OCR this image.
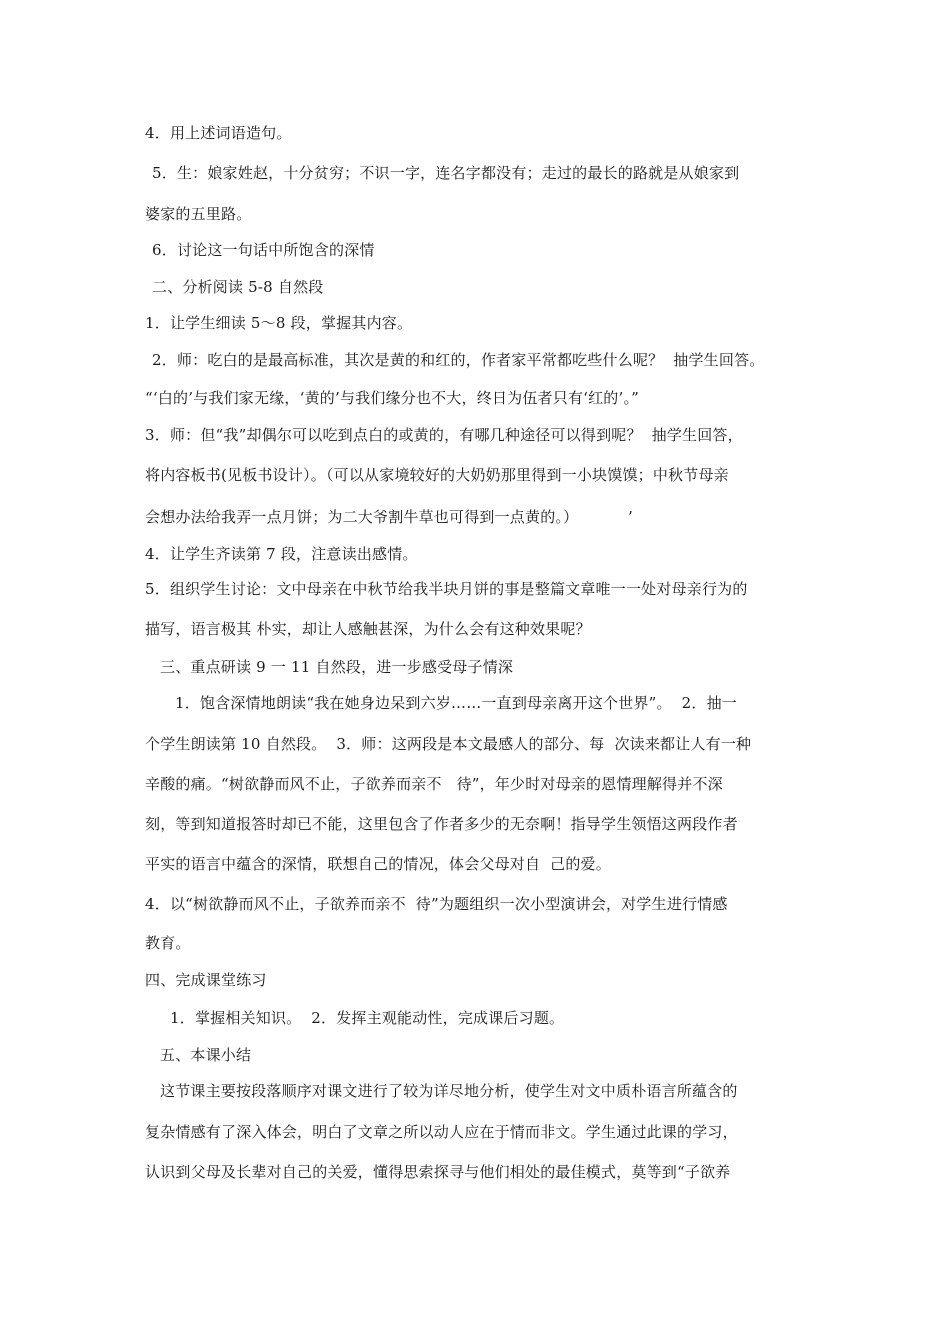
4．用上述词语造句。
5．生：娘家姓赵，十分贫穷；不识一字，连名字都没有；走过的最长的路就是从娘家到
婆家的五里路。
6．讨论这一句话中所饱含的深情
二、分析阅读 5-8 自然段
1．让学生细读 5～8 段，掌握其内容。
2．师：吃白的是最高标准，其次是黄的和红的，作者家平常都吃些什么呢？  抽学生回答。
“‘白的’与我们家无缘，‘黄的’与我们缘分也不大，终日为伍者只有‘红的’。”
3．师：但“我”却偶尔可以吃到点白的或黄的，有哪几种途径可以得到呢？  抽学生回答，
将内容板书(见板书设计）。（可以从家境较好的大奶奶那里得到一小块馍馍；中秋节母亲
会想办法给我弄一点月饼；为二大爷割牛草也可得到一点黄的。）          ’
4．让学生齐读第 7 段，注意读出感情。
5．组织学生讨论：文中母亲在中秋节给我半块月饼的事是整篇文章唯一一处对母亲行为的
描写，语言极其 朴实，却让人感触甚深，为什么会有这种效果呢？
三、重点研读 9 一 11 自然段，进一步感受母子情深
1．饱含深情地朗读“我在她身边呆到六岁……一直到母亲离开这个世界”。  2．抽一
个学生朗读第 10 自然段。  3．师：这两段是本文最感人的部分、每  次读来都让人有一种
辛酸的痛。“树欲静而风不止，子欲养而亲不   待”，年少时对母亲的恩情理解得并不深
刻，等到知道报答时却已不能，这里包含了作者多少的无奈啊！指导学生领悟这两段作者
平实的语言中蕴含的深情，联想自己的情况，体会父母对自  己的爱。
4．以“树欲静而风不止，子欲养而亲不  待”为题组织一次小型演讲会，对学生进行情感
教育。
四、完成课堂练习
1．掌握相关知识。  2．发挥主观能动性，完成课后习题。
五、本课小结
这节课主要按段落顺序对课文进行了较为详尽地分析，使学生对文中质朴语言所蕴含的
复杂情感有了深入体会，明白了文章之所以动人应在于情而非文。学生通过此课的学习，
认识到父母及长辈对自己的关爱，懂得思索探寻与他们相处的最佳模式，莫等到“子欲养
